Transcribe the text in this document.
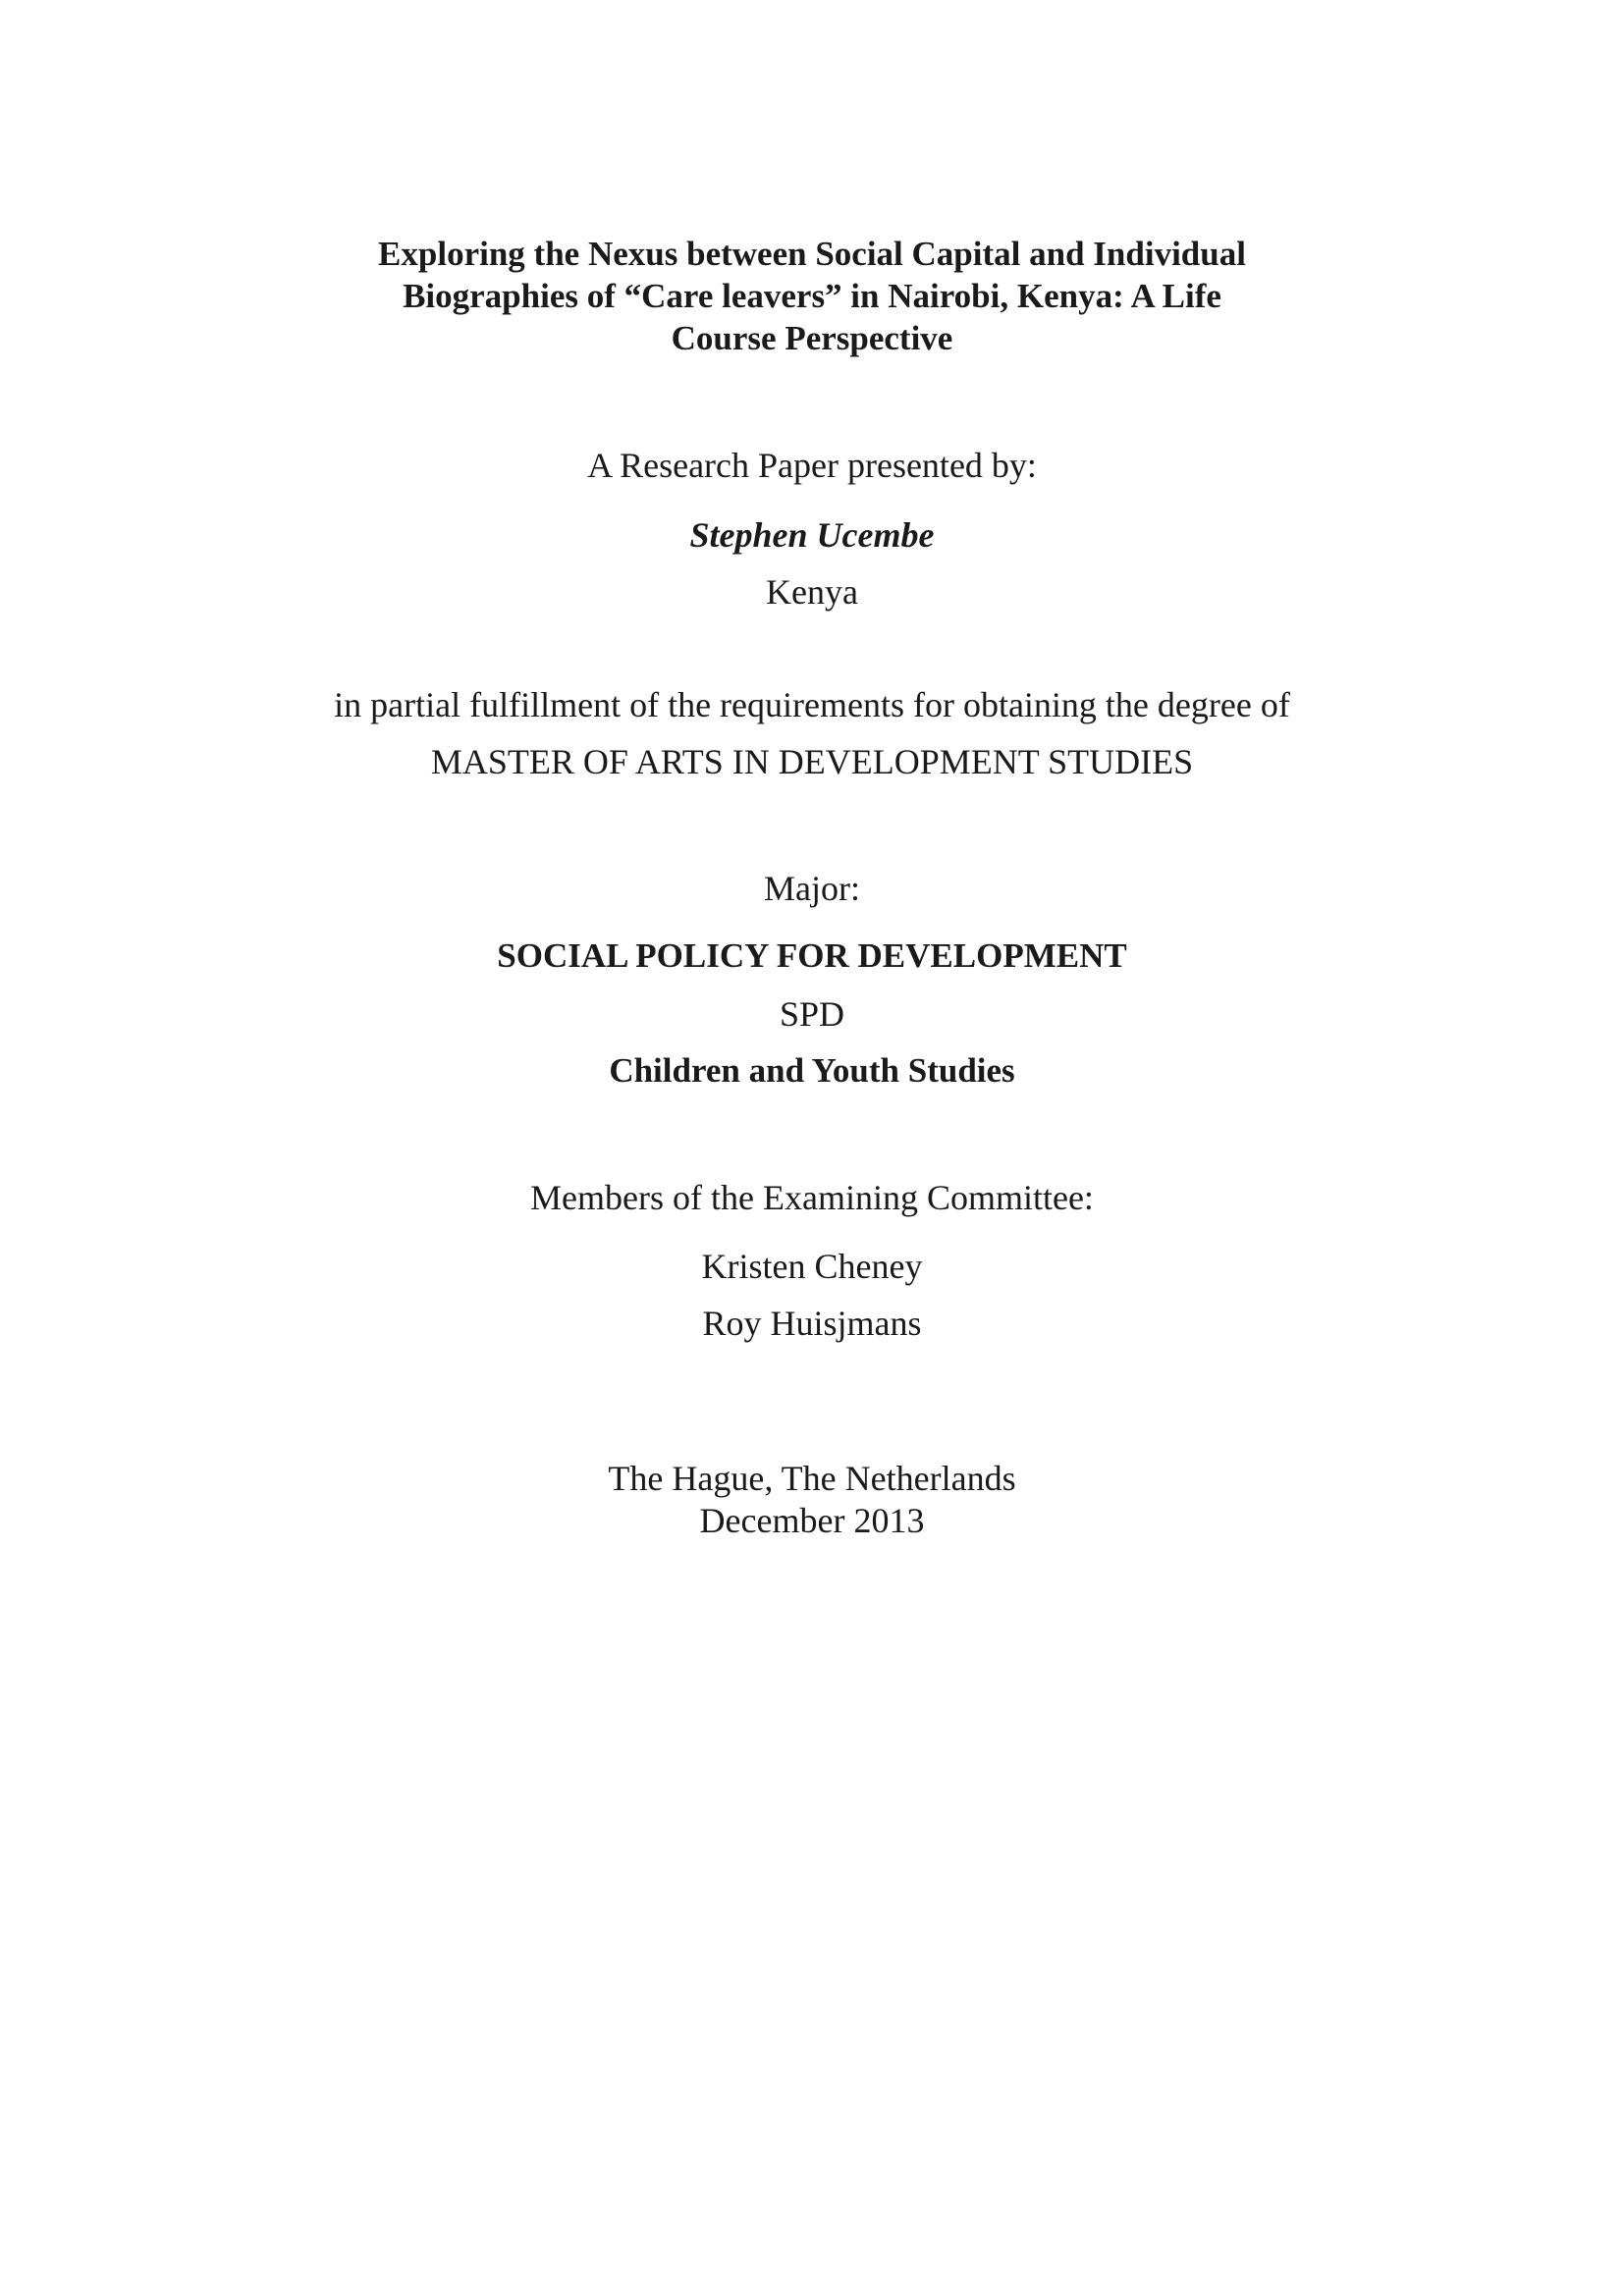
Exploring the Nexus between Social Capital and Individual
Biographies of “Care leavers” in Nairobi, Kenya: A Life
Course Perspective
A Research Paper presented by:
Stephen Ucembe
Kenya
in partial fulfillment of the requirements for obtaining the degree of
MASTER OF ARTS IN DEVELOPMENT STUDIES
Major:
SOCIAL POLICY FOR DEVELOPMENT
SPD
Children and Youth Studies
Members of the Examining Committee:
Kristen Cheney
Roy Huisjmans
The Hague, The Netherlands
December 2013
